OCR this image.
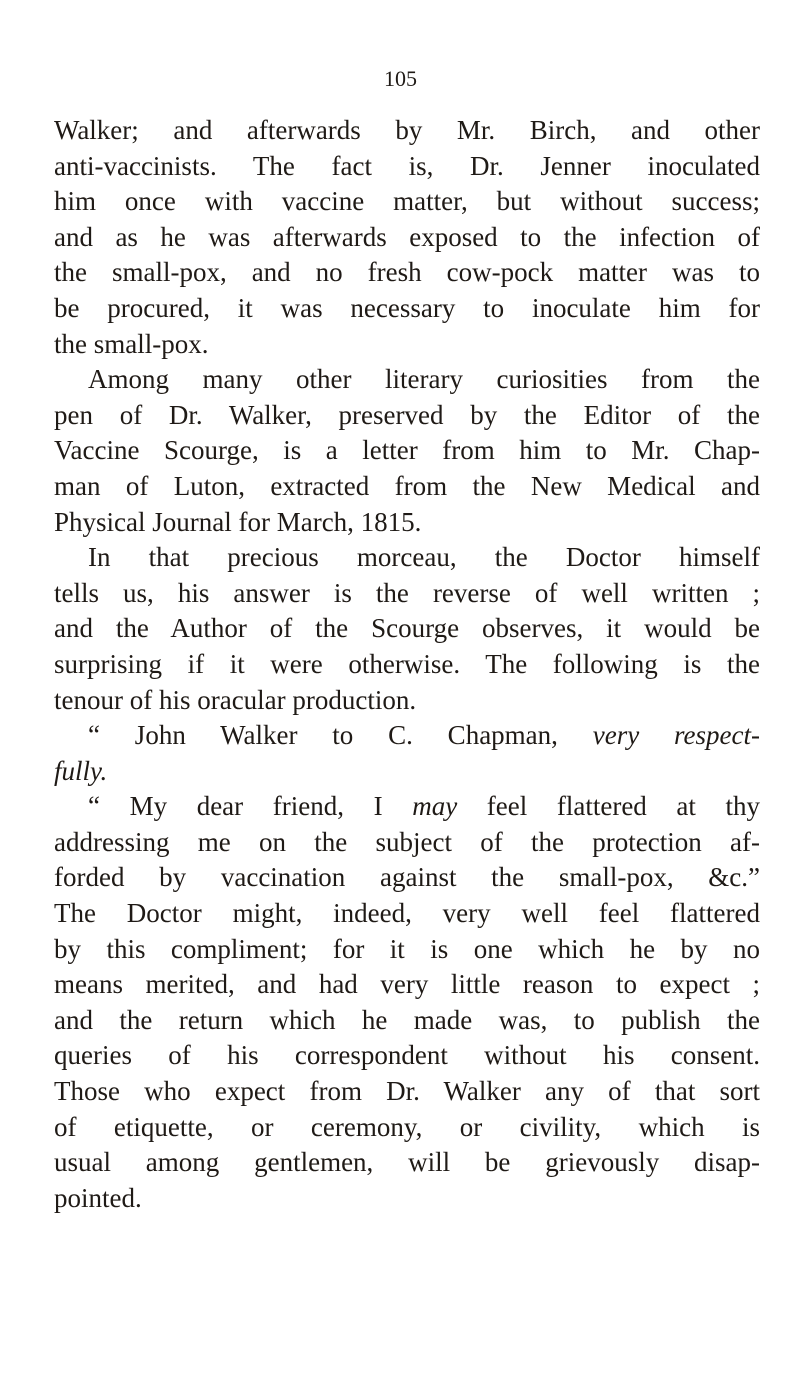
105
Walker; and afterwards by Mr. Birch, and other
anti-vaccinists. The fact is, Dr. Jenner inoculated
him once with vaccine matter, but without success;
and as he was afterwards exposed to the infection of
the small-pox, and no fresh cow-pock matter was to
be procured, it was necessary to inoculate him for
the small-pox.
Among many other literary curiosities from the
pen of Dr. Walker, preserved by the Editor of the
Vaccine Scourge, is a letter from him to Mr. Chap-
man of Luton, extracted from the New Medical and
Physical Journal for March, 1815.
In that precious morceau, the Doctor himself
tells us, his answer is the reverse of well written ;
and the Author of the Scourge observes, it would be
surprising if it were otherwise. The following is the
tenour of his oracular production.
“ John Walker to C. Chapman, very respect-
fully.
“ My dear friend, I may feel flattered at thy
addressing me on the subject of the protection af-
forded by vaccination against the small-pox, &c.”
The Doctor might, indeed, very well feel flattered
by this compliment; for it is one which he by no
means merited, and had very little reason to expect ;
and the return which he made was, to publish the
queries of his correspondent without his consent.
Those who expect from Dr. Walker any of that sort
of etiquette, or ceremony, or civility, which is
usual among gentlemen, will be grievously disap-
pointed.
